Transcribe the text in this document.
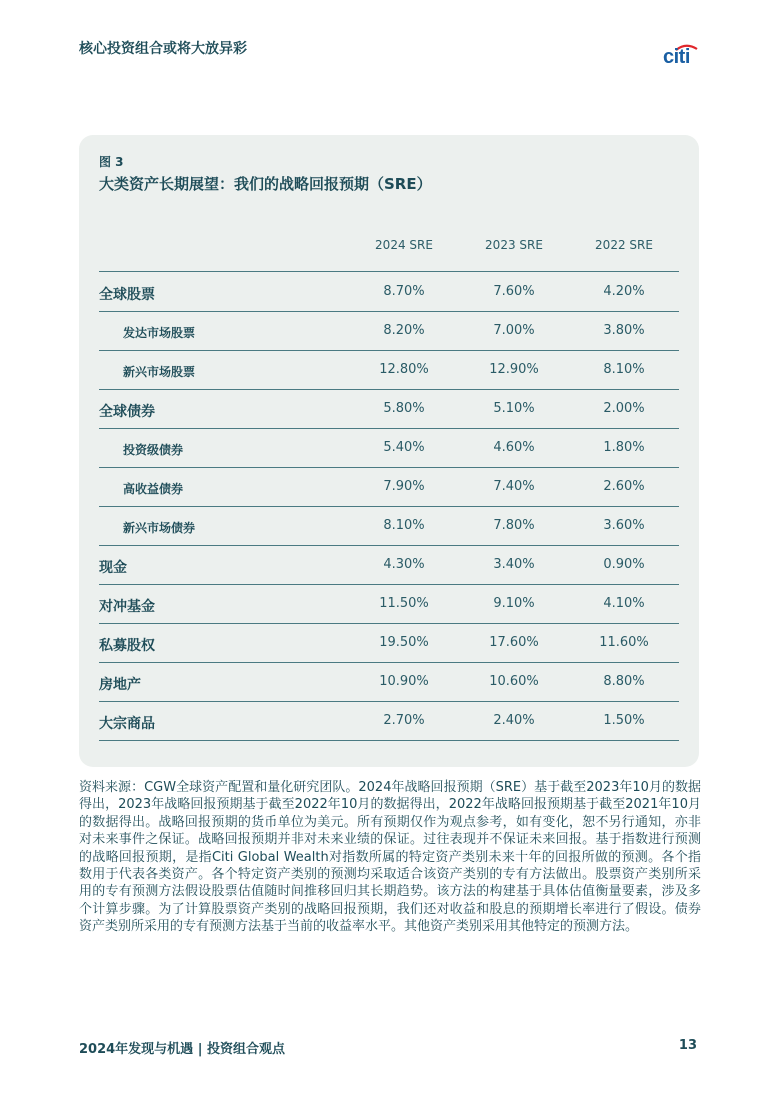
核心投资组合或将大放异彩	citi
图 3
大类资产长期展望：我们的战略回报预期（SRE）
2024 SRE	2023 SRE	2022 SRE
全球股票	8.70%	7.60%	4.20%
发达市场股票	8.20%	7.00%	3.80%
新兴市场股票	12.80%	12.90%	8.10%
全球债券	5.80%	5.10%	2.00%
投资级债券	5.40%	4.60%	1.80%
高收益债券	7.90%	7.40%	2.60%
新兴市场债券	8.10%	7.80%	3.60%
现金	4.30%	3.40%	0.90%
对冲基金	11.50%	9.10%	4.10%
私募股权	19.50%	17.60%	11.60%
房地产	10.90%	10.60%	8.80%
大宗商品	2.70%	2.40%	1.50%
资料来源：CGW全球资产配置和量化研究团队。2024年战略回报预期（SRE）基于截至2023年10月的数据得出，2023年战略回报预期基于截至2022年10月的数据得出，2022年战略回报预期基于截至2021年10月的数据得出。战略回报预期的货币单位为美元。所有预期仅作为观点参考，如有变化，恕不另行通知，亦非对未来事件之保证。战略回报预期并非对未来业绩的保证。过往表现并不保证未来回报。基于指数进行预测的战略回报预期，是指Citi Global Wealth对指数所属的特定资产类别未来十年的回报所做的预测。各个指数用于代表各类资产。各个特定资产类别的预测均采取适合该资产类别的专有方法做出。股票资产类别所采用的专有预测方法假设股票估值随时间推移回归其长期趋势。该方法的构建基于具体估值衡量要素，涉及多个计算步骤。为了计算股票资产类别的战略回报预期，我们还对收益和股息的预期增长率进行了假设。债券资产类别所采用的专有预测方法基于当前的收益率水平。其他资产类别采用其他特定的预测方法。
2024年发现与机遇 | 投资组合观点	13
